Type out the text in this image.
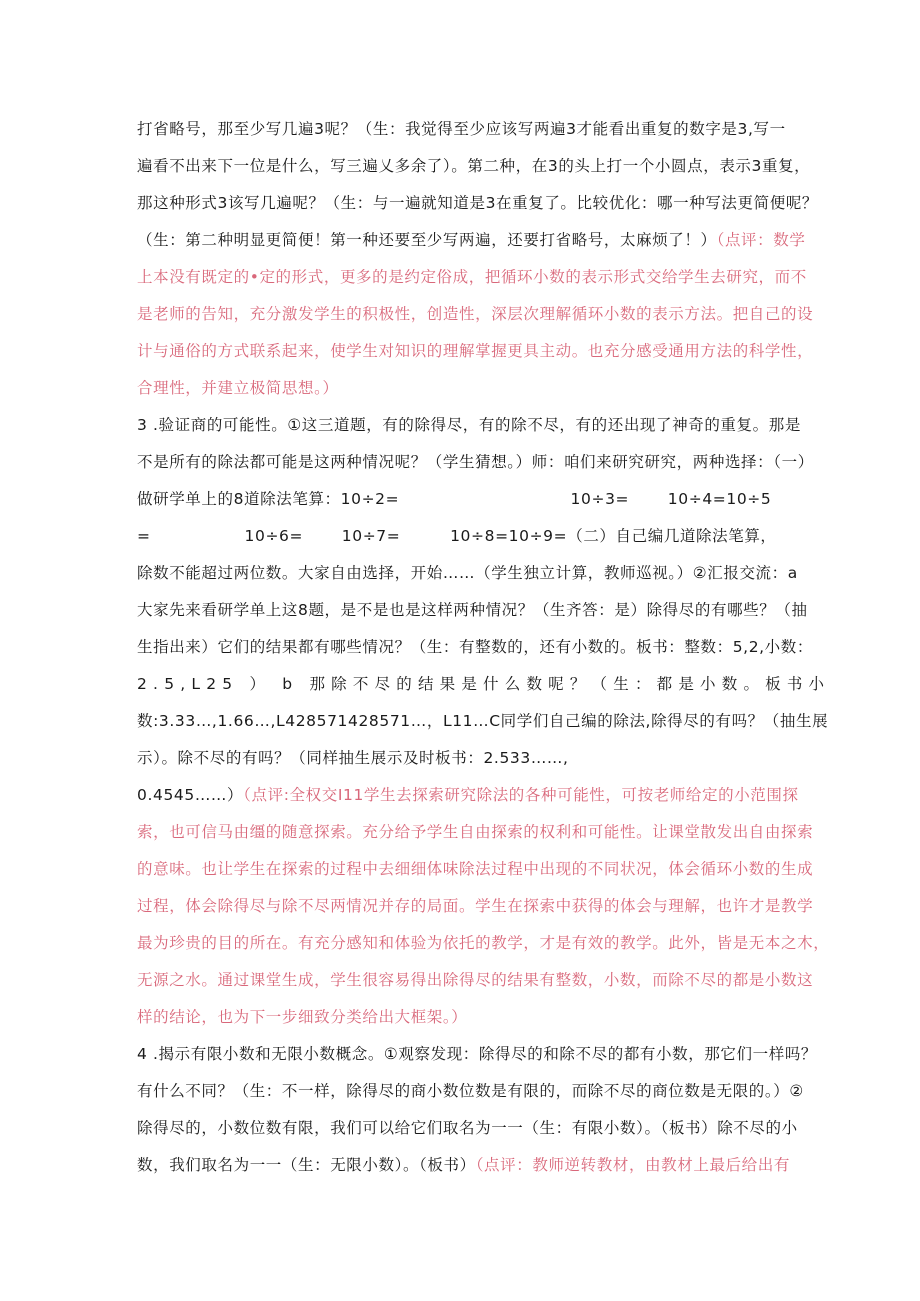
打省略号，那至少写几遍3呢？（生：我觉得至少应该写两遍3才能看出重复的数字是3,写一
遍看不出来下一位是什么，写三遍乂多余了）。第二种，在3的头上打一个小圆点，表示3重复，
那这种形式3该写几遍呢？（生：与一遍就知道是3在重复了。比较优化：哪一种写法更简便呢？
（生：第二种明显更简便！第一种还要至少写两遍，还要打省略号，太麻烦了！）（点评：数学
上本没有既定的•定的形式，更多的是约定俗成，把循环小数的表示形式交给学生去研究，而不
是老师的告知，充分激发学生的积极性，创造性，深层次理解循环小数的表示方法。把自己的设
计与通俗的方式联系起来，使学生对知识的理解掌握更具主动。也充分感受通用方法的科学性，
合理性，并建立极简思想。）
3 .验证商的可能性。①这三道题，有的除得尽，有的除不尽，有的还出现了神奇的重复。那是
不是所有的除法都可能是这两种情况呢？（学生猜想。）师：咱们来研究研究，两种选择：（一）
做研学单上的8道除法笔算：10÷2=                               10÷3=       10÷4=10÷5
=                 10÷6=       10÷7=         10÷8=10÷9=（二）自己编几道除法笔算，
除数不能超过两位数。大家自由选择，开始……（学生独立计算，教师巡视。）②汇报交流：a
大家先来看研学单上这8题，是不是也是这样两种情况？（生齐答：是）除得尽的有哪些？（抽
生指出来）它们的结果都有哪些情况？（生：有整数的，还有小数的。板书：整数：5,2,小数：
2.5,L25 ） b 那除不尽的结果是什么数呢？（生：都是小数。板书小
数:3.33…,1.66…,L428571428571…，L11…C同学们自己编的除法,除得尽的有吗？（抽生展
示）。除不尽的有吗？（同样抽生展示及时板书：2.533……,
0.4545……）（点评:全权交I11学生去探索研究除法的各种可能性，可按老师给定的小范围探
索，也可信马由缰的随意探索。充分给予学生自由探索的权利和可能性。让课堂散发出自由探索
的意味。也让学生在探索的过程中去细细体味除法过程中出现的不同状况，体会循环小数的生成
过程，体会除得尽与除不尽两情况并存的局面。学生在探索中获得的体会与理解，也许才是教学
最为珍贵的目的所在。有充分感知和体验为依托的教学，才是有效的教学。此外，皆是无本之木，
无源之水。通过课堂生成，学生很容易得出除得尽的结果有整数，小数，而除不尽的都是小数这
样的结论，也为下一步细致分类给出大框架。）
4 .揭示有限小数和无限小数概念。①观察发现：除得尽的和除不尽的都有小数，那它们一样吗？
有什么不同？（生：不一样，除得尽的商小数位数是有限的，而除不尽的商位数是无限的。）②
除得尽的，小数位数有限，我们可以给它们取名为一一（生：有限小数）。（板书）除不尽的小
数，我们取名为一一（生：无限小数）。（板书）（点评：教师逆转教材，由教材上最后给出有
